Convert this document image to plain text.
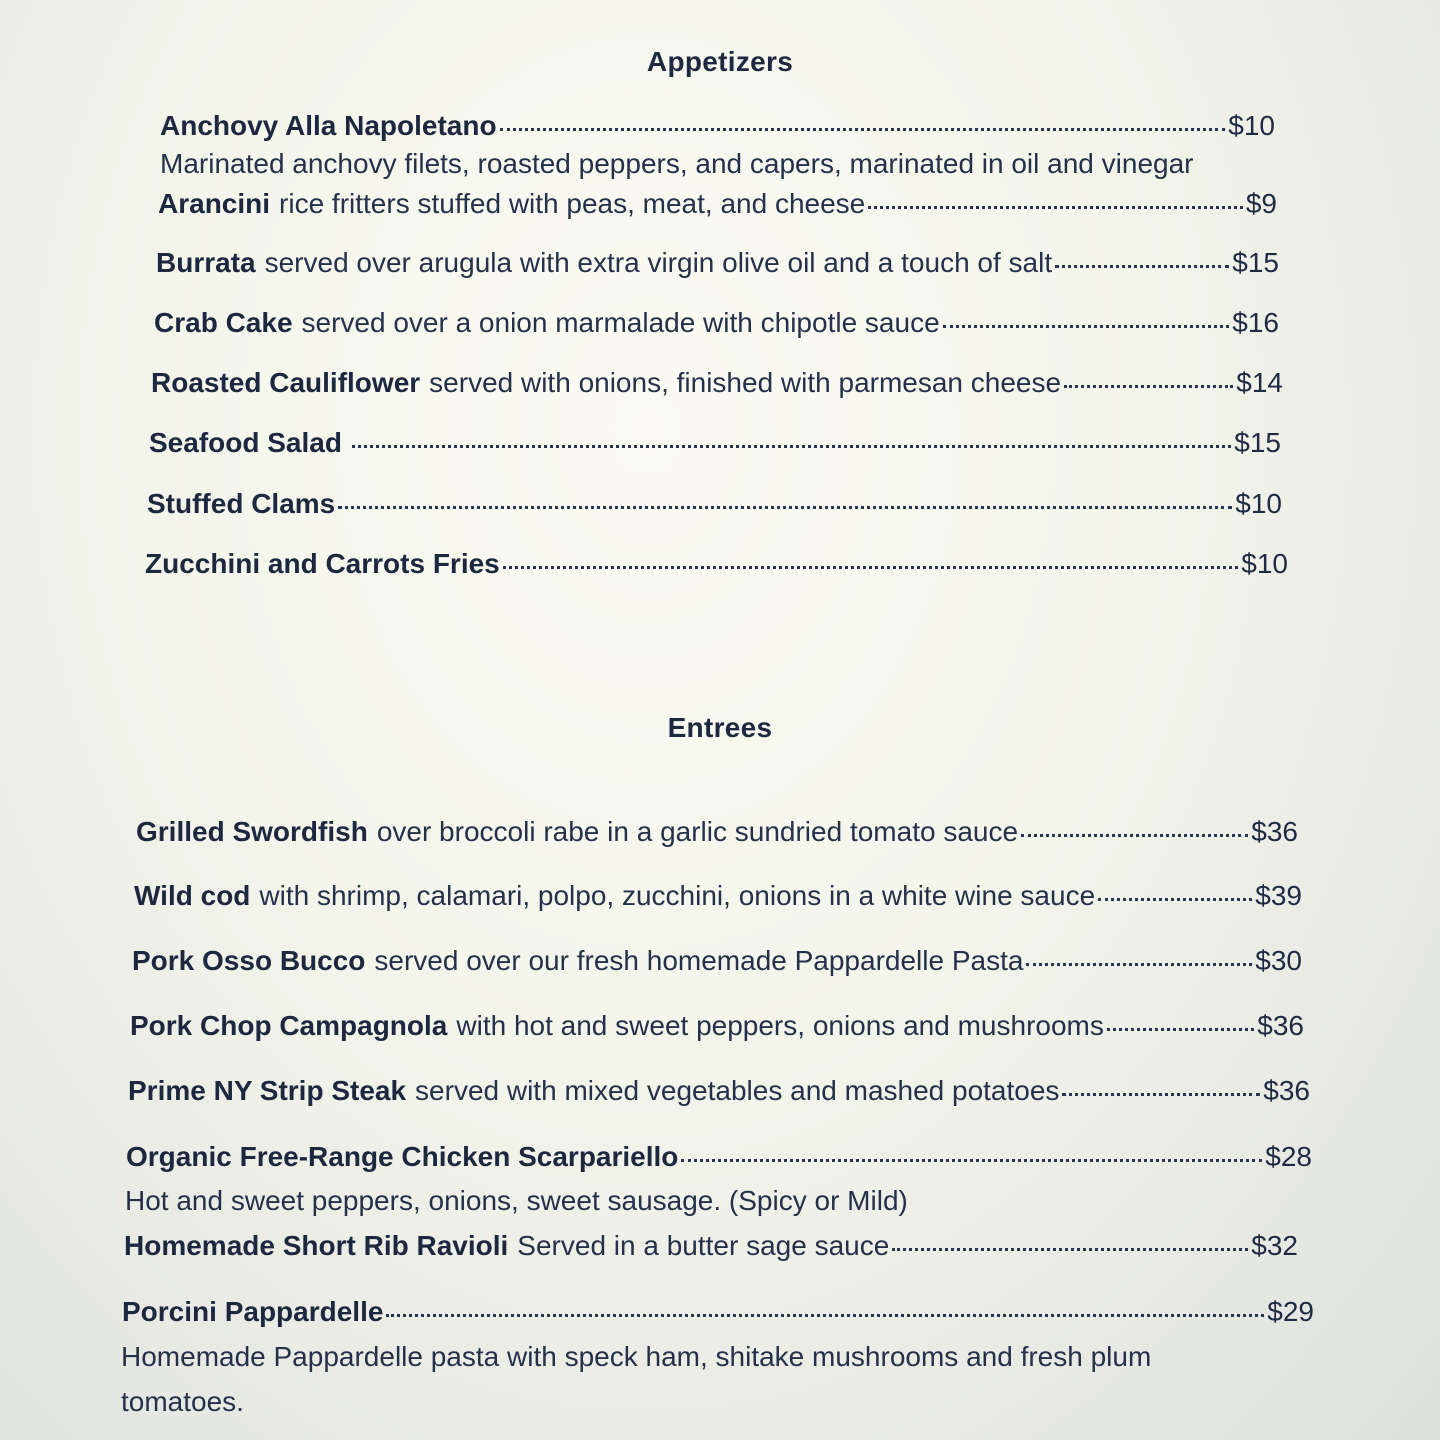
Appetizers
Anchovy Alla Napoletano	$10
Marinated anchovy filets, roasted peppers, and capers, marinated in oil and vinegar
Arancini rice fritters stuffed with peas, meat, and cheese	$9
Burrata served over arugula with extra virgin olive oil and a touch of salt	$15
Crab Cake served over a onion marmalade with chipotle sauce	$16
Roasted Cauliflower served with onions, finished with parmesan cheese	$14
Seafood Salad	$15
Stuffed Clams	$10
Zucchini and Carrots Fries	$10
Entrees
Grilled Swordfish over broccoli rabe in a garlic sundried tomato sauce	$36
Wild cod with shrimp, calamari, polpo, zucchini, onions in a white wine sauce	$39
Pork Osso Bucco served over our fresh homemade Pappardelle Pasta	$30
Pork Chop Campagnola with hot and sweet peppers, onions and mushrooms	$36
Prime NY Strip Steak served with mixed vegetables and mashed potatoes	$36
Organic Free-Range Chicken Scarpariello	$28
Hot and sweet peppers, onions, sweet sausage. (Spicy or Mild)
Homemade Short Rib Ravioli Served in a butter sage sauce	$32
Porcini Pappardelle	$29
Homemade Pappardelle pasta with speck ham, shitake mushrooms and fresh plum tomatoes.
